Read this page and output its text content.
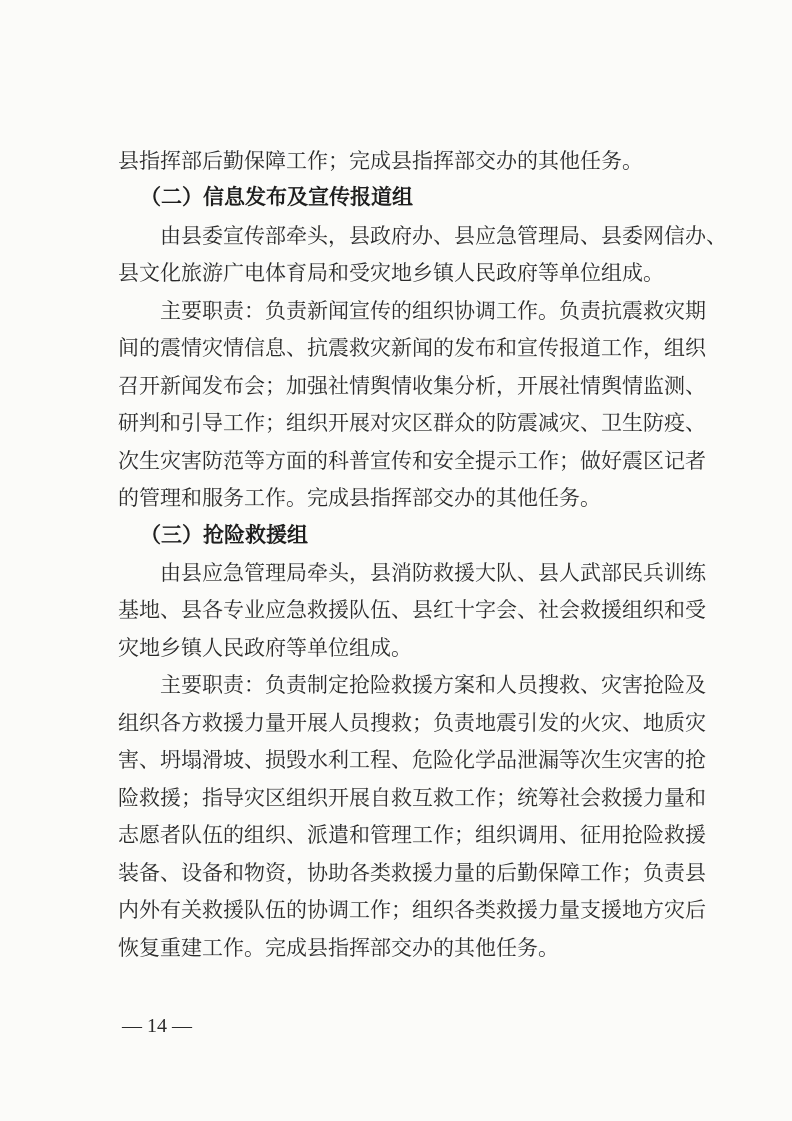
县指挥部后勤保障工作；完成县指挥部交办的其他任务。
（二）信息发布及宣传报道组
由 县 委 宣 传 部 牵 头 ， 县 政 府 办 、 县 应 急 管 理 局 、 县 委 网 信 办 、
县文化旅游广电体育局和受灾地乡镇人民政府等单位组成。
主 要 职 责 ： 负 责 新 闻 宣 传 的 组 织 协 调 工 作 。 负 责 抗 震 救 灾 期
间 的 震 情 灾 情 信 息 、 抗 震 救 灾 新 闻 的 发 布 和 宣 传 报 道 工 作 ， 组 织
召 开 新 闻 发 布 会 ； 加 强 社 情 舆 情 收 集 分 析 ， 开 展 社 情 舆 情 监 测 、
研 判 和 引 导 工 作 ； 组 织 开 展 对 灾 区 群 众 的 防 震 减 灾 、 卫 生 防 疫 、
次 生 灾 害 防 范 等 方 面 的 科 普 宣 传 和 安 全 提 示 工 作 ； 做 好 震 区 记 者
的管理和服务工作。完成县指挥部交办的其他任务。
（三）抢险救援组
由 县 应 急 管 理 局 牵 头 ， 县 消 防 救 援 大 队 、 县 人 武 部 民 兵 训 练
基 地 、 县 各 专 业 应 急 救 援 队 伍 、 县 红 十 字 会 、 社 会 救 援 组 织 和 受
灾地乡镇人民政府等单位组成。
主 要 职 责 ： 负 责 制 定 抢 险 救 援 方 案 和 人 员 搜 救 、 灾 害 抢 险 及
组 织 各 方 救 援 力 量 开 展 人 员 搜 救 ； 负 责 地 震 引 发 的 火 灾 、 地 质 灾
害 、 坍 塌 滑 坡 、 损 毁 水 利 工 程 、 危 险 化 学 品 泄 漏 等 次 生 灾 害 的 抢
险 救 援 ； 指 导 灾 区 组 织 开 展 自 救 互 救 工 作 ； 统 筹 社 会 救 援 力 量 和
志 愿 者 队 伍 的 组 织 、 派 遣 和 管 理 工 作 ； 组 织 调 用 、 征 用 抢 险 救 援
装 备 、 设 备 和 物 资 ， 协 助 各 类 救 援 力 量 的 后 勤 保 障 工 作 ； 负 责 县
内 外 有 关 救 援 队 伍 的 协 调 工 作 ； 组 织 各 类 救 援 力 量 支 援 地 方 灾 后
恢复重建工作。完成县指挥部交办的其他任务。
— 14 —
